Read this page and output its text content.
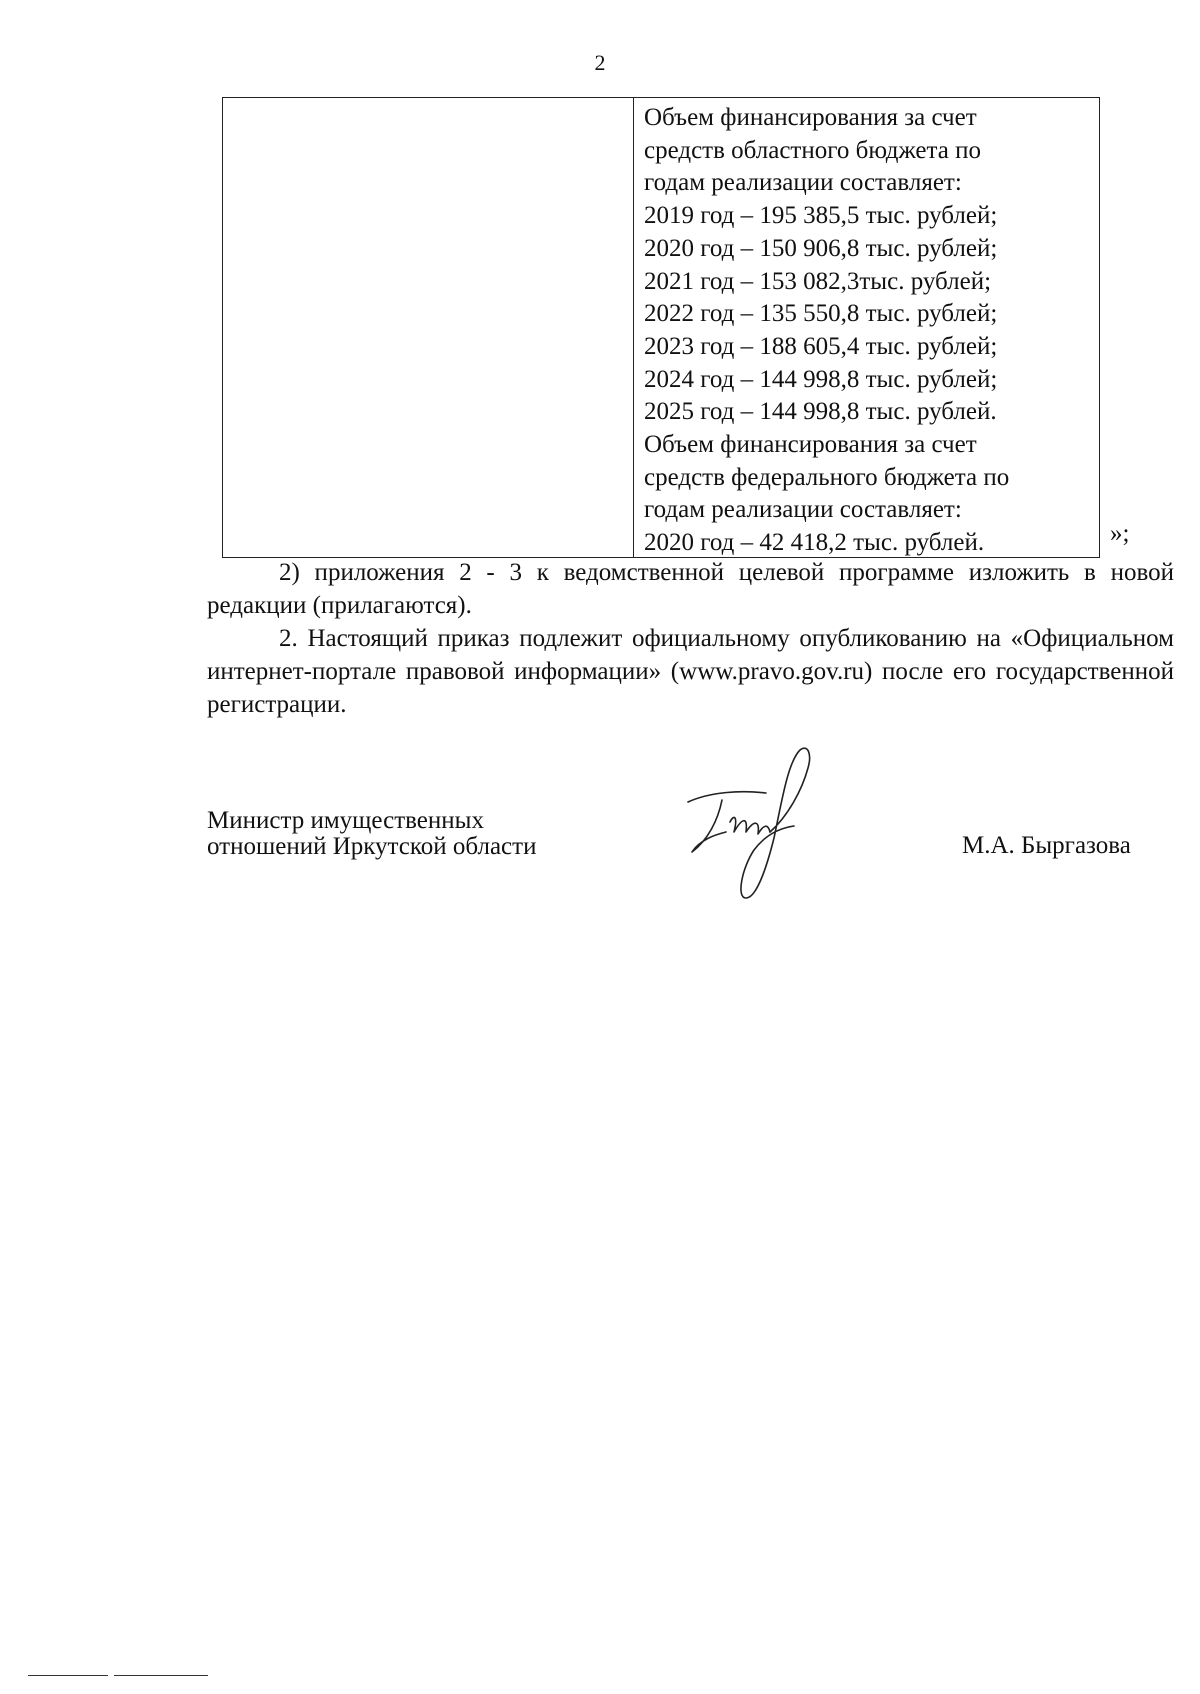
2
Объем финансирования за счет
средств областного бюджета по
годам реализации составляет:
2019 год – 195 385,5 тыс. рублей;
2020 год – 150 906,8 тыс. рублей;
2021 год – 153 082,3тыс. рублей;
2022 год – 135 550,8 тыс. рублей;
2023 год – 188 605,4 тыс. рублей;
2024 год – 144 998,8 тыс. рублей;
2025 год – 144 998,8 тыс. рублей.
Объем финансирования за счет
средств федерального бюджета по
годам реализации составляет:
2020 год – 42 418,2 тыс. рублей.	»;
2) приложения 2 - 3 к ведомственной целевой программе изложить в новой редакции (прилагаются).
2. Настоящий приказ подлежит официальному опубликованию на «Официальном интернет-портале правовой информации» (www.pravo.gov.ru) после его государственной регистрации.
Министр имущественных
отношений Иркутской области	М.А. Быргазова
